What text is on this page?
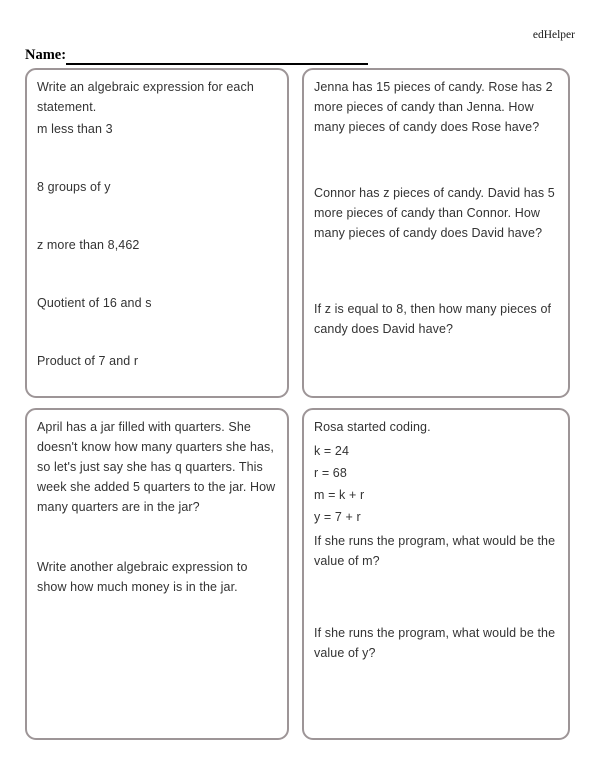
edHelper
Name:

Write an algebraic expression for each statement.

m less than 3

8 groups of y

z more than 8,462

Quotient of 16 and s

Product of 7 and r

Jenna has 15 pieces of candy. Rose has 2 more pieces of candy than Jenna. How many pieces of candy does Rose have?

Connor has z pieces of candy. David has 5 more pieces of candy than Connor. How many pieces of candy does David have?

If z is equal to 8, then how many pieces of candy does David have?

April has a jar filled with quarters. She doesn't know how many quarters she has, so let's just say she has q quarters. This week she added 5 quarters to the jar. How many quarters are in the jar?

Write another algebraic expression to show how much money is in the jar.

Rosa started coding.

k = 24

r = 68

m = k + r

y = 7 + r

If she runs the program, what would be the value of m?

If she runs the program, what would be the value of y?
